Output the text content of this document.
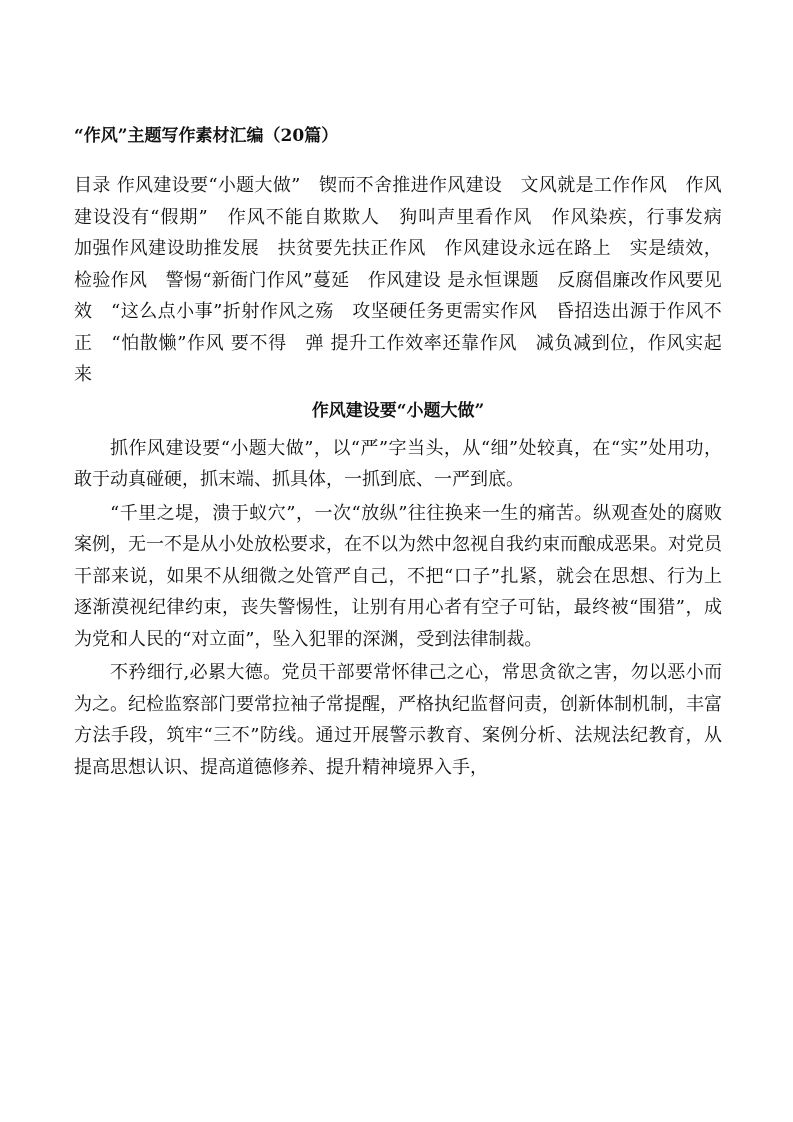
“作风”主题写作素材汇编（20篇）

目录 作风建设要“小题大做”　锲而不舍推进作风建设　文风就是工作作风　作风建设没有“假期”　作风不能自欺欺人　狗叫声里看作风　作风染疾，行事发病　加强作风建设助推发展　扶贫要先扶正作风　作风建设永远在路上　实是绩效，检验作风　警惕“新衙门作风”蔓延　作风建设 是永恒课题　反腐倡廉改作风要见效　“这么点小事”折射作风之殇　攻坚硬任务更需实作风　昏招迭出源于作风不正　“怕散懒”作风 要不得　弹 提升工作效率还靠作风　减负减到位，作风实起来

作风建设要“小题大做”

抓作风建设要“小题大做”，以“严”字当头，从“细”处较真，在“实”处用功，敢于动真碰硬，抓末端、抓具体，一抓到底、一严到底。

“千里之堤，溃于蚁穴”，一次“放纵”往往换来一生的痛苦。纵观查处的腐败案例，无一不是从小处放松要求，在不以为然中忽视自我约束而酿成恶果。对党员干部来说，如果不从细微之处管严自己，不把“口子”扎紧，就会在思想、行为上逐渐漠视纪律约束，丧失警惕性，让别有用心者有空子可钻，最终被“围猎”，成为党和人民的“对立面”，坠入犯罪的深渊，受到法律制裁。

不矜细行,必累大德。党员干部要常怀律己之心，常思贪欲之害，勿以恶小而为之。纪检监察部门要常拉袖子常提醒，严格执纪监督问责，创新体制机制，丰富方法手段，筑牢“三不”防线。通过开展警示教育、案例分析、法规法纪教育，从提高思想认识、提高道德修养、提升精神境界入手，
